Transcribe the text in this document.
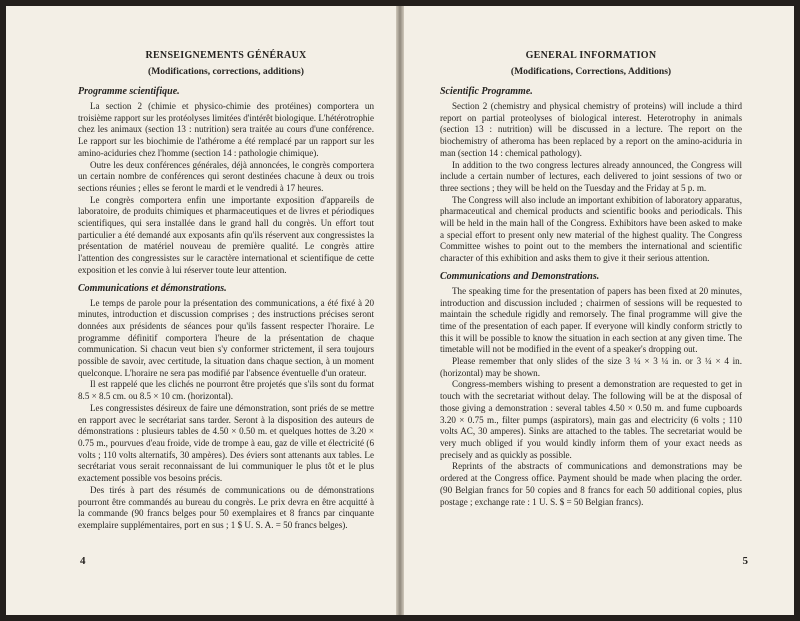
RENSEIGNEMENTS GÉNÉRAUX

(Modifications, corrections, additions)

Programme scientifique.

La section 2 (chimie et physico-chimie des protéines) comportera un troisième rapport sur les protéolyses limitées d'intérêt biologique. L'hétérotrophie chez les animaux (section 13 : nutrition) sera traitée au cours d'une conférence. Le rapport sur les biochimie de l'athérome a été remplacé par un rapport sur les amino-aciduries chez l'homme (section 14 : pathologie chimique).

Outre les deux conférences générales, déjà annoncées, le congrès comportera un certain nombre de conférences qui seront destinées chacune à deux ou trois sections réunies ; elles se feront le mardi et le vendredi à 17 heures.

Le congrès comportera enfin une importante exposition d'appareils de laboratoire, de produits chimiques et pharmaceutiques et de livres et périodiques scientifiques, qui sera installée dans le grand hall du congrès. Un effort tout particulier a été demandé aux exposants afin qu'ils réservent aux congressistes la présentation de matériel nouveau de première qualité. Le congrès attire l'attention des congressistes sur le caractère international et scientifique de cette exposition et les convie à lui réserver toute leur attention.

Communications et démonstrations.

Le temps de parole pour la présentation des communications, a été fixé à 20 minutes, introduction et discussion comprises ; des instructions précises seront données aux présidents de séances pour qu'ils fassent respecter l'horaire. Le programme définitif comportera l'heure de la présentation de chaque communication. Si chacun veut bien s'y conformer strictement, il sera toujours possible de savoir, avec certitude, la situation dans chaque section, à un moment quelconque. L'horaire ne sera pas modifié par l'absence éventuelle d'un orateur.

Il est rappelé que les clichés ne pourront être projetés que s'ils sont du format 8.5 × 8.5 cm. ou 8.5 × 10 cm. (horizontal).

Les congressistes désireux de faire une démonstration, sont priés de se mettre en rapport avec le secrétariat sans tarder. Seront à la disposition des auteurs de démonstrations : plusieurs tables de 4.50 × 0.50 m. et quelques hottes de 3.20 × 0.75 m., pourvues d'eau froide, vide de trompe à eau, gaz de ville et électricité (6 volts ; 110 volts alternatifs, 30 ampères). Des éviers sont attenants aux tables. Le secrétariat vous serait reconnaissant de lui communiquer le plus tôt et le plus exactement possible vos besoins précis.

Des tirés à part des résumés de communications ou de démonstrations pourront être commandés au bureau du congrès. Le prix devra en être acquitté à la commande (90 francs belges pour 50 exemplaires et 8 francs par cinquante exemplaire supplémentaires, port en sus ; 1 $ U. S. A. = 50 francs belges).

4

GENERAL INFORMATION

(Modifications, Corrections, Additions)

Scientific Programme.

Section 2 (chemistry and physical chemistry of proteins) will include a third report on partial proteolyses of biological interest. Heterotrophy in animals (section 13 : nutrition) will be discussed in a lecture. The report on the biochemistry of atheroma has been replaced by a report on the amino-aciduria in man (section 14 : chemical pathology).

In addition to the two congress lectures already announced, the Congress will include a certain number of lectures, each delivered to joint sessions of two or three sections ; they will be held on the Tuesday and the Friday at 5 p. m.

The Congress will also include an important exhibition of laboratory apparatus, pharmaceutical and chemical products and scientific books and periodicals. This will be held in the main hall of the Congress. Exhibitors have been asked to make a special effort to present only new material of the highest quality. The Congress Committee wishes to point out to the members the international and scientific character of this exhibition and asks them to give it their serious attention.

Communications and Demonstrations.

The speaking time for the presentation of papers has been fixed at 20 minutes, introduction and discussion included ; chairmen of sessions will be requested to maintain the schedule rigidly and remorsely. The final programme will give the time of the presentation of each paper. If everyone will kindly conform strictly to this it will be possible to know the situation in each section at any given time. The timetable will not be modified in the event of a speaker's dropping out.

Please remember that only slides of the size 3 ¼ × 3 ¼ in. or 3 ¼ × 4 in. (horizontal) may be shown.

Congress-members wishing to present a demonstration are requested to get in touch with the secretariat without delay. The following will be at the disposal of those giving a demonstration : several tables 4.50 × 0.50 m. and fume cupboards 3.20 × 0.75 m., filter pumps (aspirators), main gas and electricity (6 volts ; 110 volts AC, 30 amperes). Sinks are attached to the tables. The secretariat would be very much obliged if you would kindly inform them of your exact needs as precisely and as quickly as possible.

Reprints of the abstracts of communications and demonstrations may be ordered at the Congress office. Payment should be made when placing the order. (90 Belgian francs for 50 copies and 8 francs for each 50 additional copies, plus postage ; exchange rate : 1 U. S. $ = 50 Belgian francs).

5
